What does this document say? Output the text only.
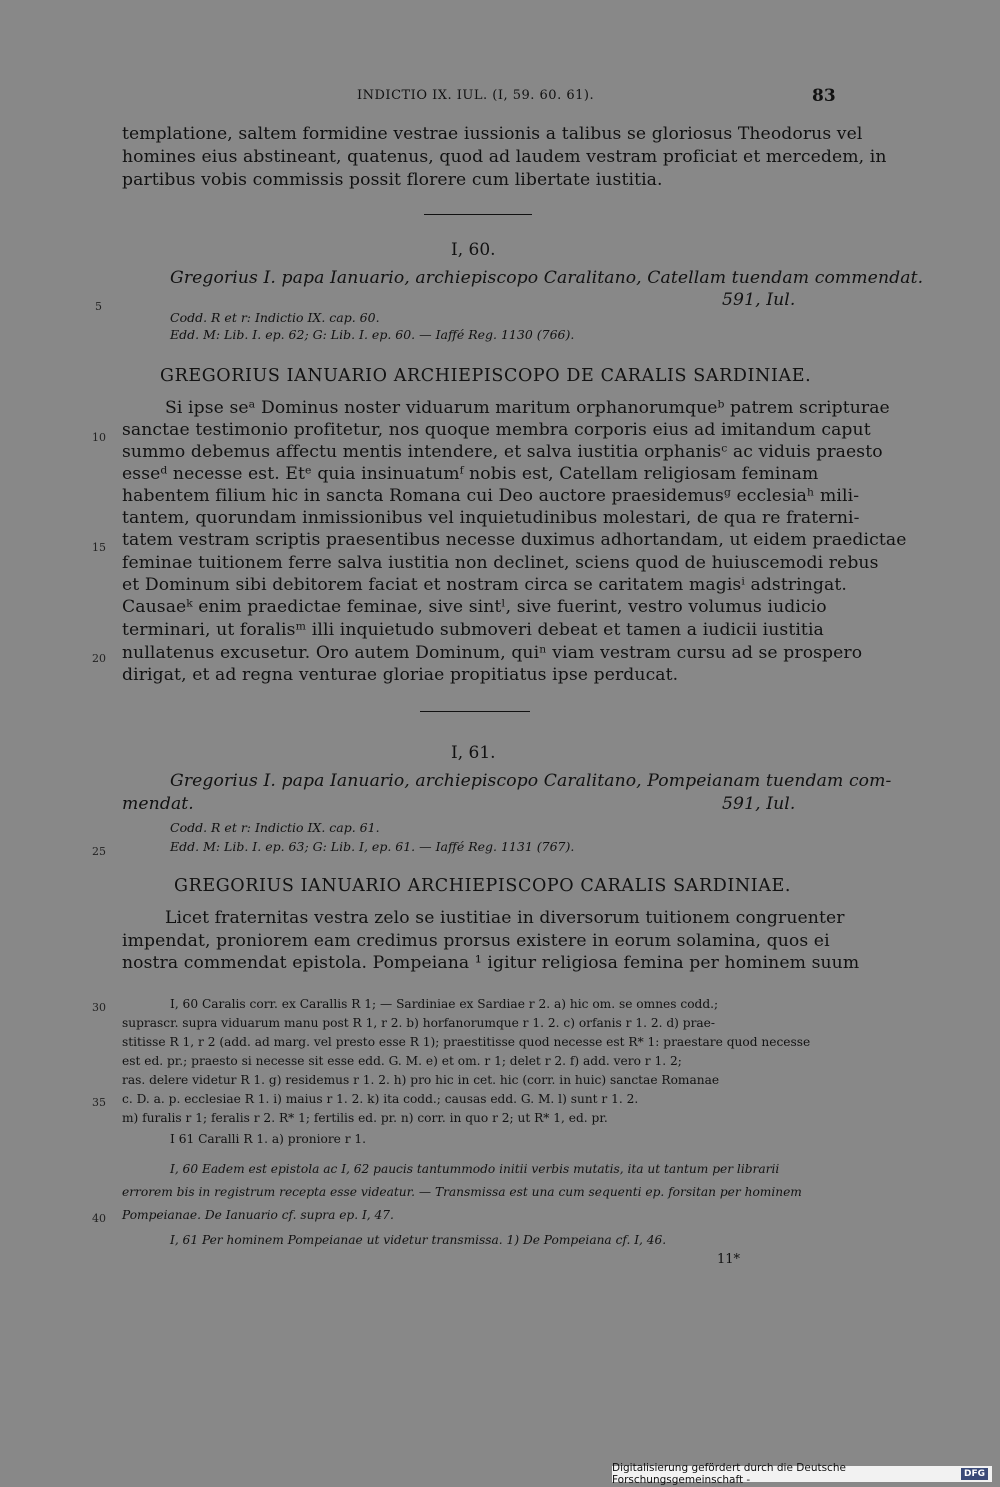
INDICTIO IX. IUL. (I, 59. 60. 61).	83
templatione, saltem formidine vestrae iussionis a talibus se gloriosus Theodorus vel
homines eius abstineant, quatenus, quod ad laudem vestram proficiat et mercedem, in
partibus vobis commissis possit florere cum libertate iustitia.
I, 60.
Gregorius I. papa Ianuario, archiepiscopo Caralitano, Catellam tuendam commendat.
591, Iul.
Codd. R et r: Indictio IX. cap. 60.
Edd. M: Lib. I. ep. 62; G: Lib. I. ep. 60. — Iaffé Reg. 1130 (766).
GREGORIUS IANUARIO ARCHIEPISCOPO DE CARALIS SARDINIAE.
Si ipse seᵃ Dominus noster viduarum maritum orphanorumqueᵇ patrem scripturae
sanctae testimonio profitetur, nos quoque membra corporis eius ad imitandum caput
summo debemus affectu mentis intendere, et salva iustitia orphanisᶜ ac viduis praesto
esseᵈ necesse est. Etᵉ quia insinuatumᶠ nobis est, Catellam religiosam feminam
habentem filium hic in sancta Romana cui Deo auctore praesidemusᵍ ecclesiaʰ mili-
tantem, quorundam inmissionibus vel inquietudinibus molestari, de qua re fraterni-
tatem vestram scriptis praesentibus necesse duximus adhortandam, ut eidem praedictae
feminae tuitionem ferre salva iustitia non declinet, sciens quod de huiuscemodi rebus
et Dominum sibi debitorem faciat et nostram circa se caritatem magisⁱ adstringat.
Causaeᵏ enim praedictae feminae, sive sintˡ, sive fuerint, vestro volumus iudicio
terminari, ut foralisᵐ illi inquietudo submoveri debeat et tamen a iudicii iustitia
nullatenus excusetur. Oro autem Dominum, quiⁿ viam vestram cursu ad se prospero
dirigat, et ad regna venturae gloriae propitiatus ipse perducat.
I, 61.
Gregorius I. papa Ianuario, archiepiscopo Caralitano, Pompeianam tuendam com-
mendat.	591, Iul.
Codd. R et r: Indictio IX. cap. 61.
Edd. M: Lib. I. ep. 63; G: Lib. I, ep. 61. — Iaffé Reg. 1131 (767).
GREGORIUS IANUARIO ARCHIEPISCOPO CARALIS SARDINIAE.
Licet fraternitas vestra zelo se iustitiae in diversorum tuitionem congruenter
impendat, proniorem eam credimus prorsus existere in eorum solamina, quos ei
nostra commendat epistola. Pompeiana ¹ igitur religiosa femina per hominem suum
I, 60 Caralis corr. ex Carallis R 1; — Sardiniae ex Sardiae r 2. a) hic om. se omnes codd.;
suprascr. supra viduarum manu post R 1, r 2. b) horfanorumque r 1. 2. c) orfanis r 1. 2. d) prae-
stitisse R 1, r 2 (add. ad marg. vel presto esse R 1); praestitisse quod necesse est R* 1: praestare quod necesse
est ed. pr.; praesto si necesse sit esse edd. G. M. e) et om. r 1; delet r 2. f) add. vero r 1. 2;
ras. delere videtur R 1. g) residemus r 1. 2. h) pro hic in cet. hic (corr. in huic) sanctae Romanae
c. D. a. p. ecclesiae R 1. i) maius r 1. 2. k) ita codd.; causas edd. G. M. l) sunt r 1. 2.
m) furalis r 1; feralis r 2. R* 1; fertilis ed. pr. n) corr. in quo r 2; ut R* 1, ed. pr.
I 61 Caralli R 1. a) proniore r 1.
I, 60 Eadem est epistola ac I, 62 paucis tantummodo initii verbis mutatis, ita ut tantum per librarii
errorem bis in registrum recepta esse videatur. — Transmissa est una cum sequenti ep. forsitan per hominem
Pompeianae. De Ianuario cf. supra ep. I, 47.
I, 61 Per hominem Pompeianae ut videtur transmissa. 1) De Pompeiana cf. I, 46.
11*
5
10
15
20
25
30
35
40
Digitalisierung gefördert durch die Deutsche Forschungsgemeinschaft -	DFG
